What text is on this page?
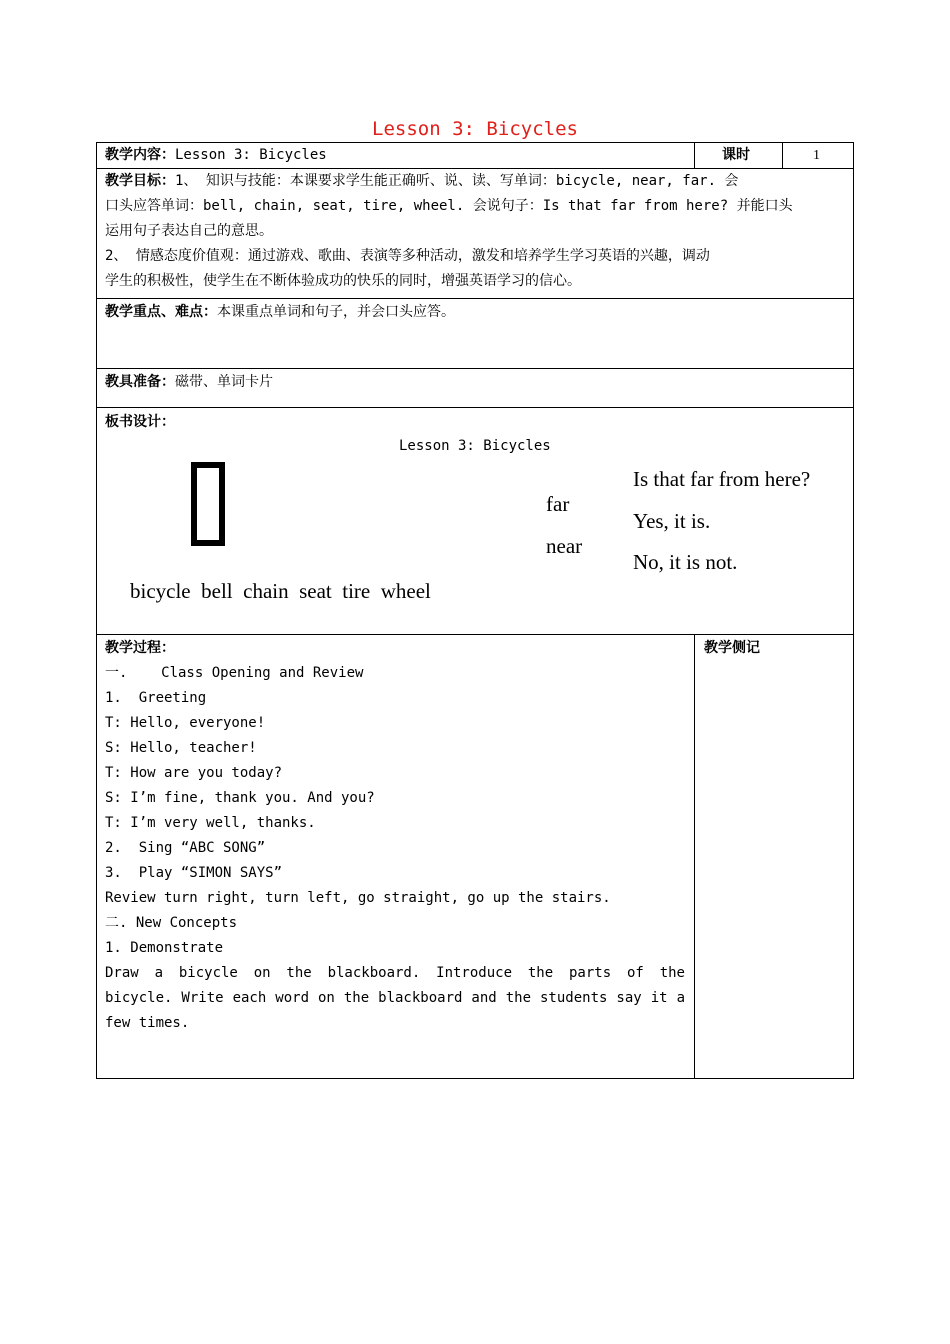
Lesson 3: Bicycles
教学内容：Lesson 3: Bicycles	课时	1
教学目标：1、 知识与技能：本课要求学生能正确听、说、读、写单词：bicycle, near, far. 会
口头应答单词：bell, chain, seat, tire, wheel. 会说句子：Is that far from here? 并能口头
运用句子表达自己的意思。
2、 情感态度价值观：通过游戏、歌曲、表演等多种活动，激发和培养学生学习英语的兴趣，调动
学生的积极性，使学生在不断体验成功的快乐的同时，增强英语学习的信心。
教学重点、难点：本课重点单词和句子，并会口头应答。
教具准备：磁带、单词卡片
板书设计：
Lesson 3: Bicycles
bicycle  bell  chain  seat  tire  wheel
far
near
Is that far from here?
Yes, it is.
No, it is not.
教学过程：	教学侧记
一.    Class Opening and Review
1.  Greeting
T: Hello, everyone!
S: Hello, teacher!
T: How are you today?
S: I’m fine, thank you. And you?
T: I’m very well, thanks.
2.  Sing “ABC SONG”
3.  Play “SIMON SAYS”
Review turn right, turn left, go straight, go up the stairs.
二. New Concepts
1. Demonstrate
Draw a bicycle on the blackboard. Introduce the parts of the
bicycle. Write each word on the blackboard and the students say it a
few times.
